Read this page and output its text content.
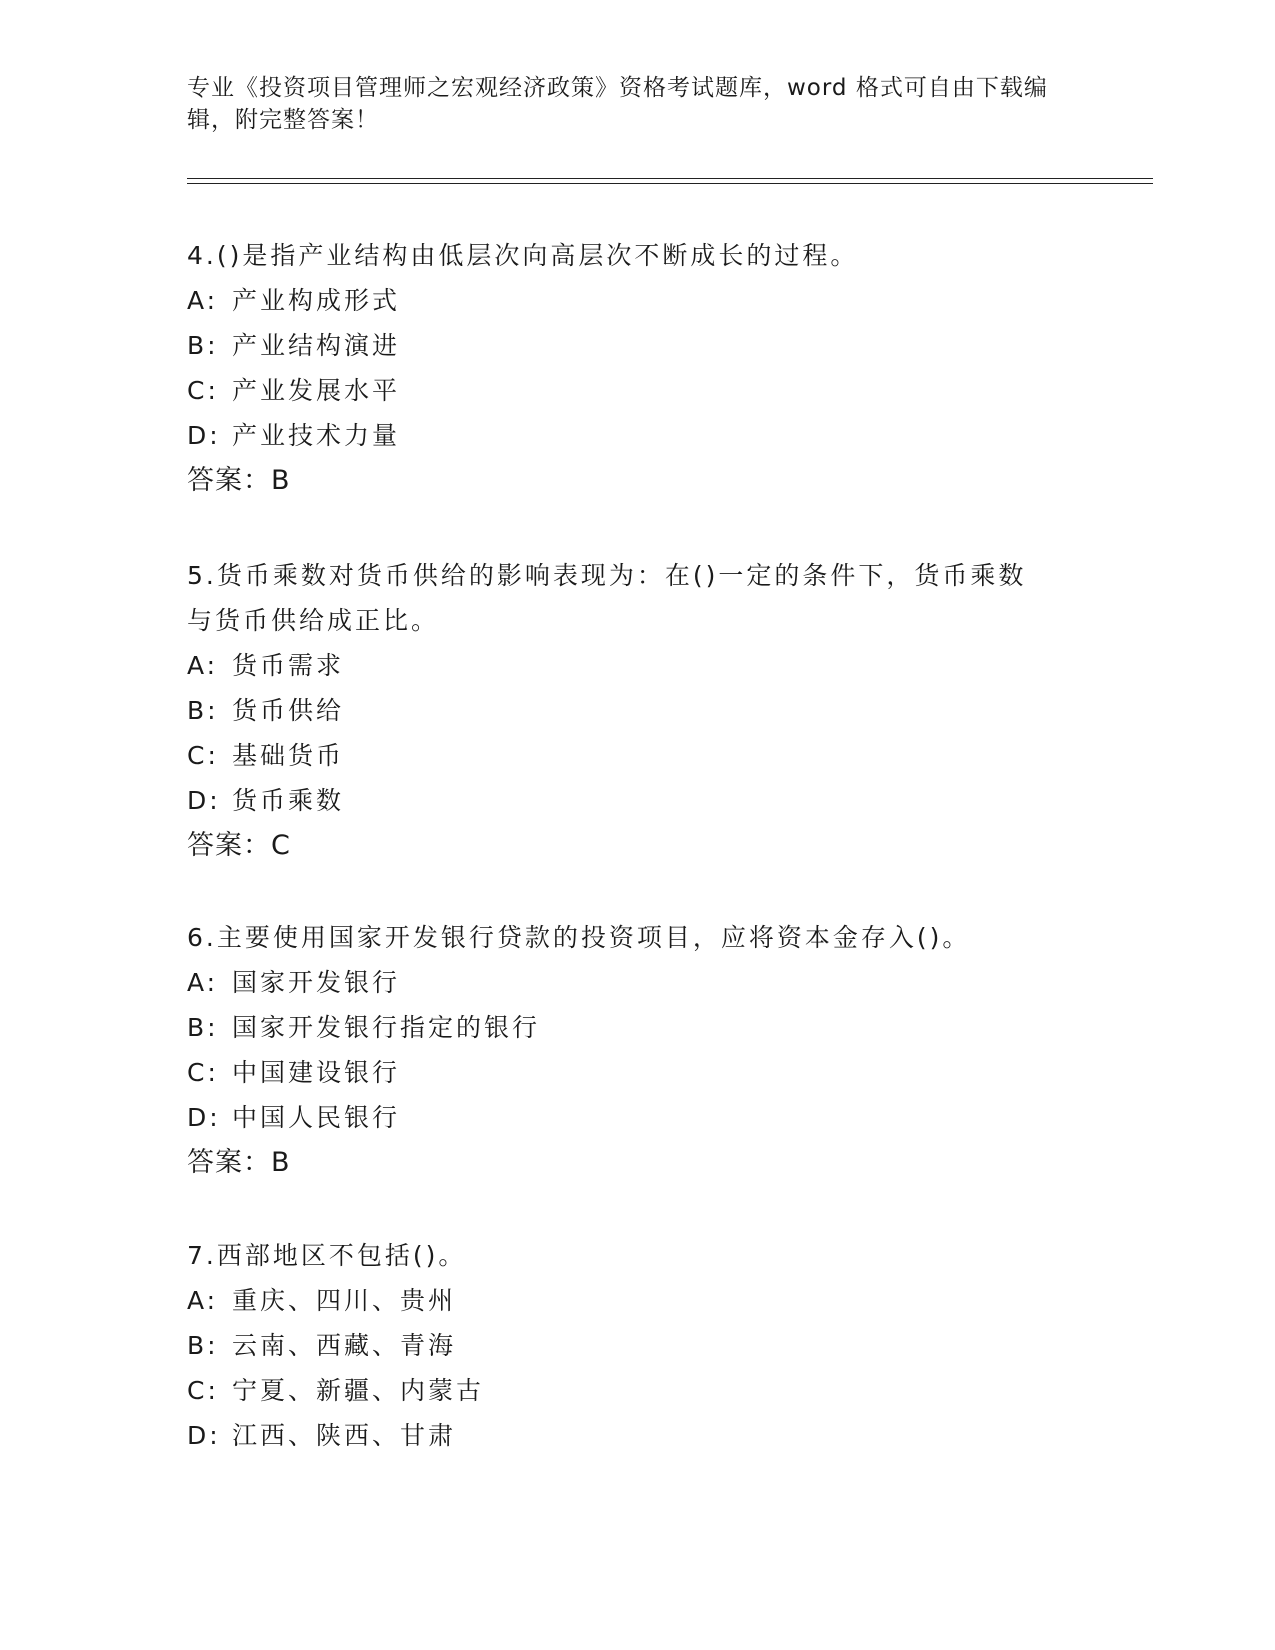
专业《投资项目管理师之宏观经济政策》资格考试题库，word 格式可自由下载编
辑，附完整答案！

4.()是指产业结构由低层次向高层次不断成长的过程。

A: 产业构成形式

B: 产业结构演进

C: 产业发展水平

D: 产业技术力量

答案：B

5.货币乘数对货币供给的影响表现为：在()一定的条件下，货币乘数

与货币供给成正比。

A: 货币需求

B: 货币供给

C: 基础货币

D: 货币乘数

答案：C

6.主要使用国家开发银行贷款的投资项目，应将资本金存入()。

A: 国家开发银行

B: 国家开发银行指定的银行

C: 中国建设银行

D: 中国人民银行

答案：B

7.西部地区不包括()。

A: 重庆、四川、贵州

B: 云南、西藏、青海

C: 宁夏、新疆、内蒙古

D: 江西、陕西、甘肃
